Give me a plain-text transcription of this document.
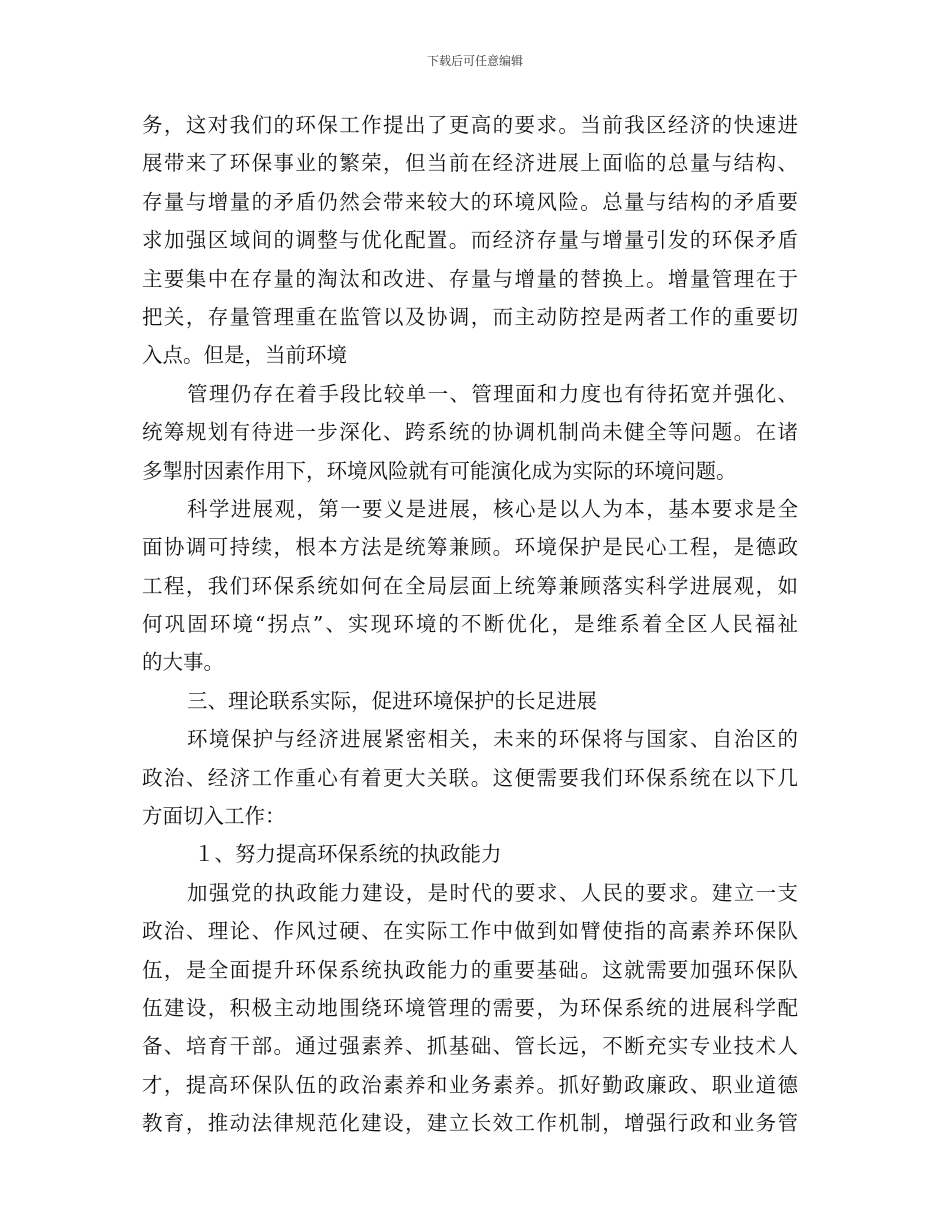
下载后可任意编辑
务，这对我们的环保工作提出了更高的要求。当前我区经济的快速进
展带来了环保事业的繁荣，但当前在经济进展上面临的总量与结构、
存量与增量的矛盾仍然会带来较大的环境风险。总量与结构的矛盾要
求加强区域间的调整与优化配置。而经济存量与增量引发的环保矛盾
主要集中在存量的淘汰和改进、存量与增量的替换上。增量管理在于
把关，存量管理重在监管以及协调，而主动防控是两者工作的重要切
入点。但是，当前环境
管理仍存在着手段比较单一、管理面和力度也有待拓宽并强化、
统筹规划有待进一步深化、跨系统的协调机制尚未健全等问题。在诸
多掣肘因素作用下，环境风险就有可能演化成为实际的环境问题。
科学进展观，第一要义是进展，核心是以人为本，基本要求是全
面协调可持续，根本方法是统筹兼顾。环境保护是民心工程，是德政
工程，我们环保系统如何在全局层面上统筹兼顾落实科学进展观，如
何巩固环境“拐点”、实现环境的不断优化，是维系着全区人民福祉
的大事。
三、理论联系实际，促进环境保护的长足进展
环境保护与经济进展紧密相关，未来的环保将与国家、自治区的
政治、经济工作重心有着更大关联。这便需要我们环保系统在以下几
方面切入工作：
１、努力提高环保系统的执政能力
加强党的执政能力建设，是时代的要求、人民的要求。建立一支
政治、理论、作风过硬、在实际工作中做到如臂使指的高素养环保队
伍，是全面提升环保系统执政能力的重要基础。这就需要加强环保队
伍建设，积极主动地围绕环境管理的需要，为环保系统的进展科学配
备、培育干部。通过强素养、抓基础、管长远，不断充实专业技术人
才，提高环保队伍的政治素养和业务素养。抓好勤政廉政、职业道德
教育，推动法律规范化建设，建立长效工作机制，增强行政和业务管
